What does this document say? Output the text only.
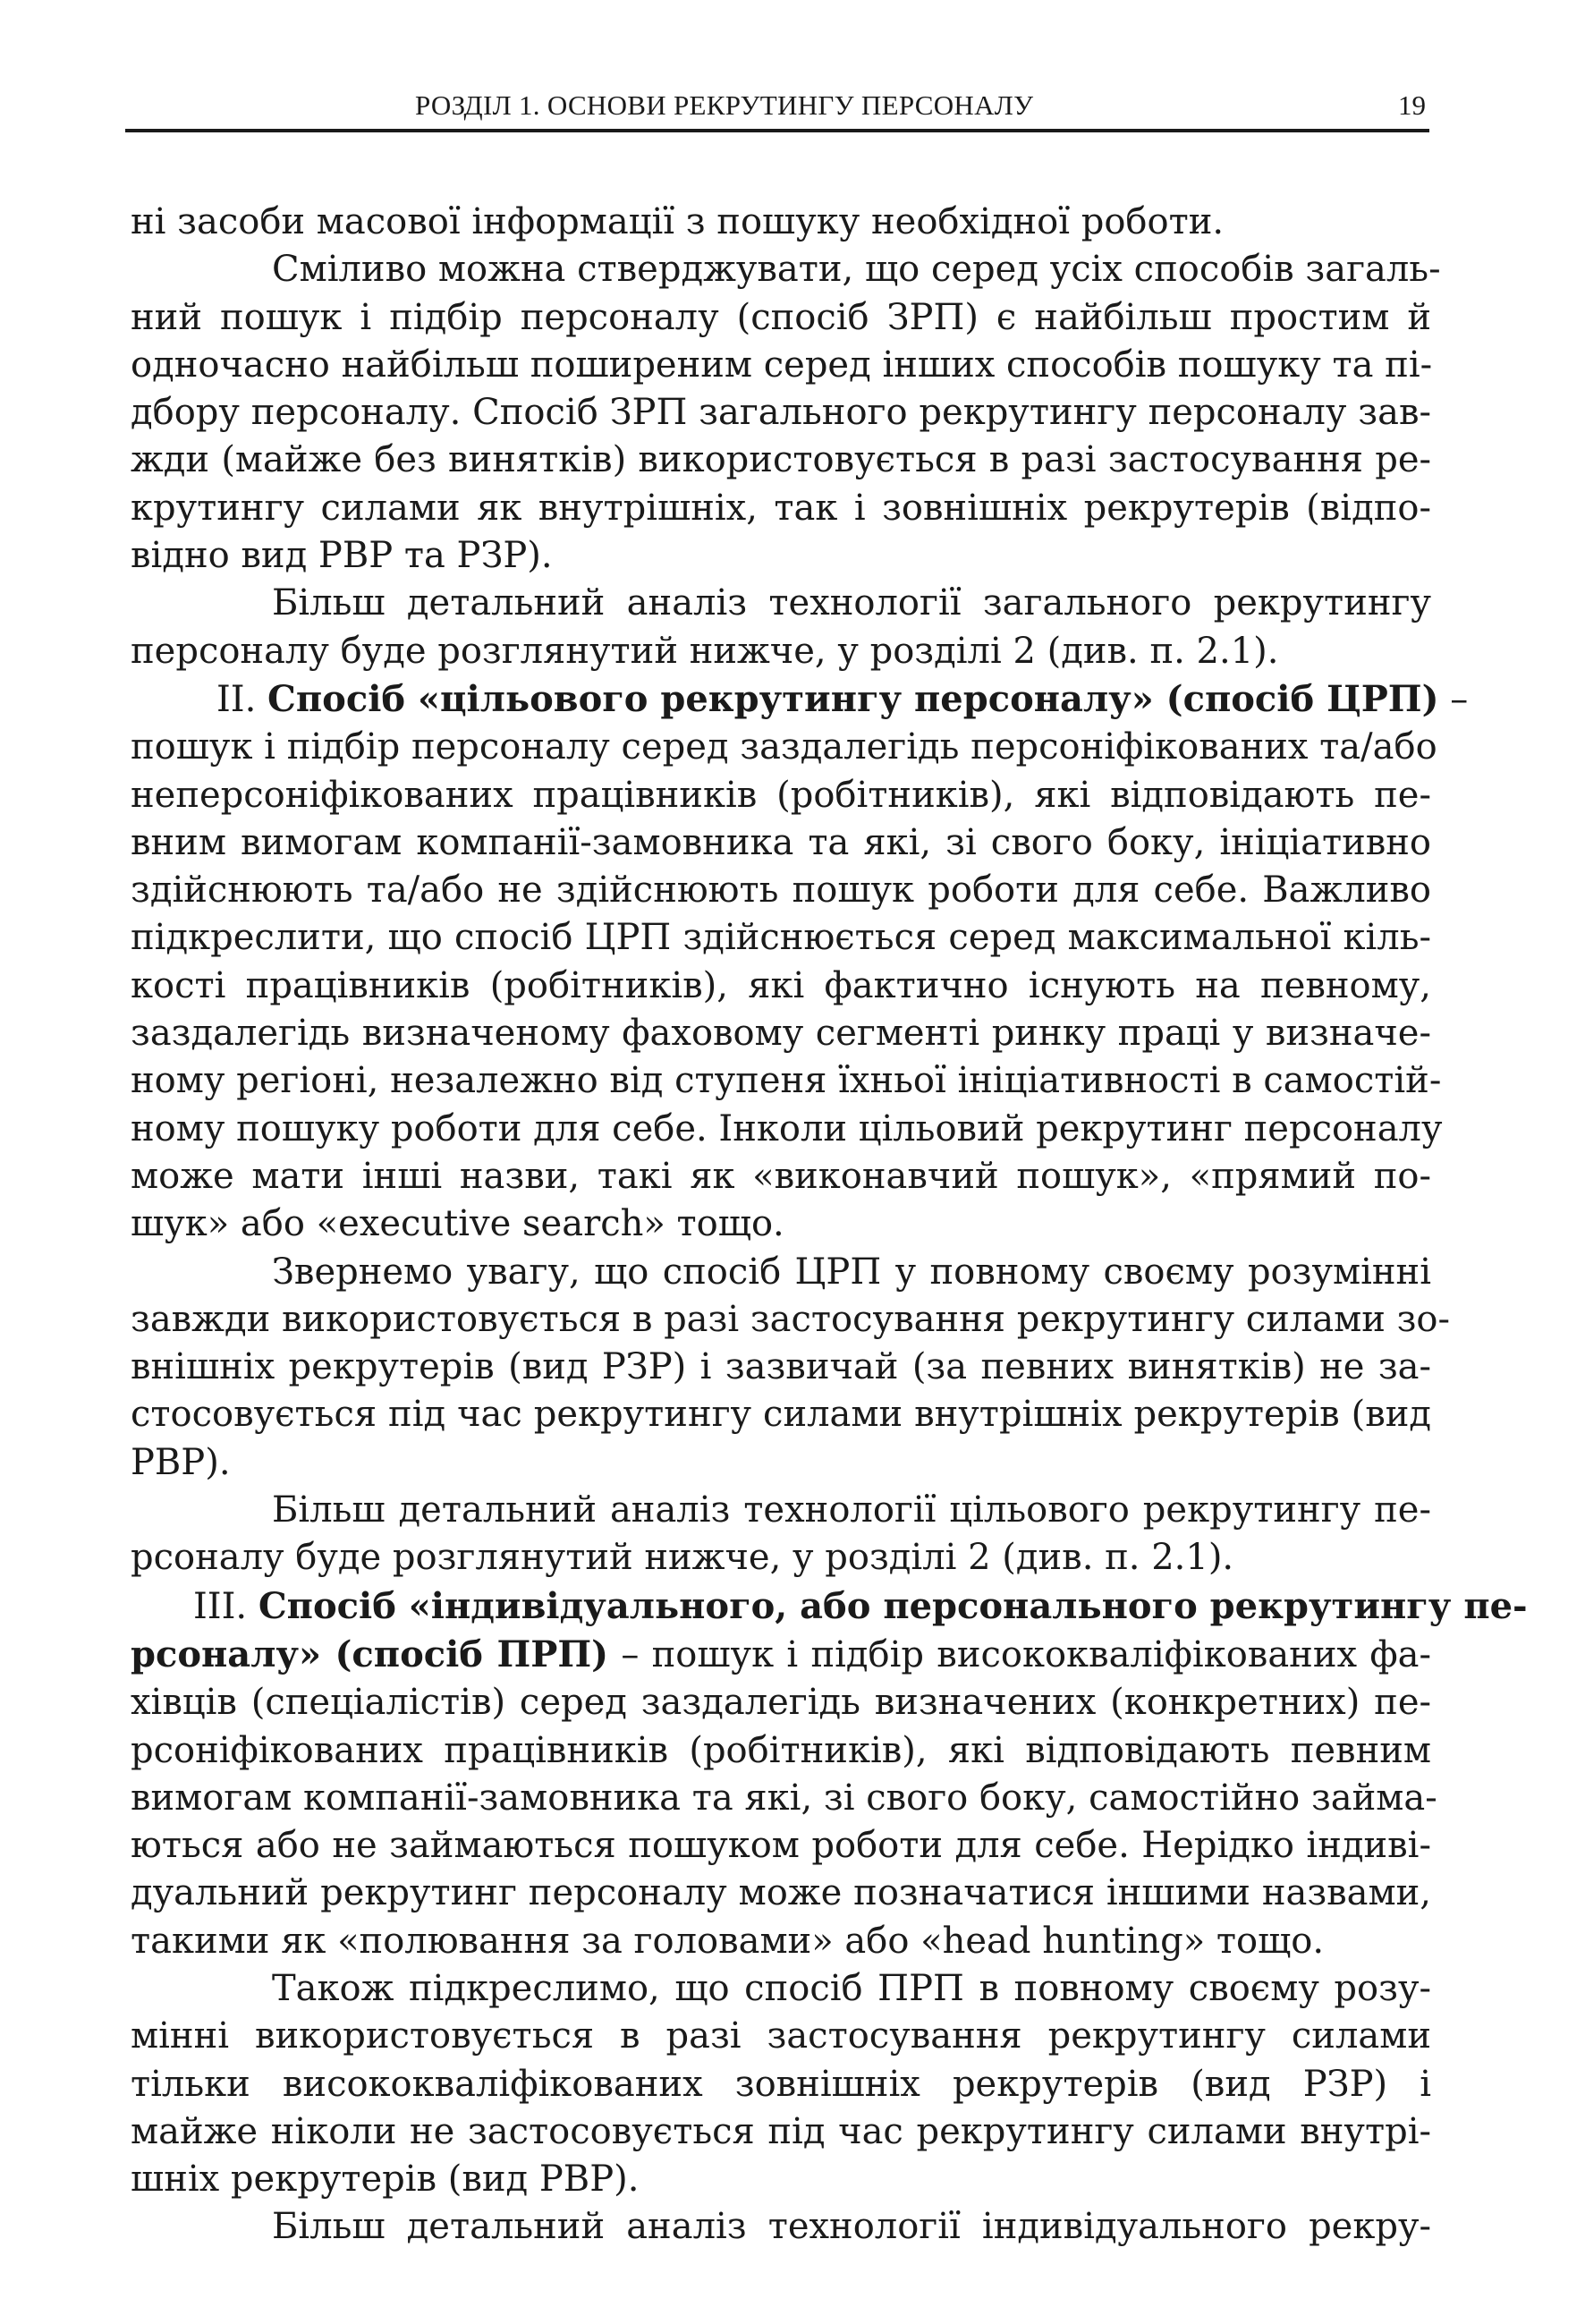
РОЗДІЛ 1. ОСНОВИ РЕКРУТИНГУ ПЕРСОНАЛУ	19
ні засоби масової інформації з пошуку необхідної роботи.
Сміливо можна стверджувати, що серед усіх способів загаль-
ний пошук і підбір персоналу (спосіб ЗРП) є найбільш простим й
одночасно найбільш поширеним серед інших способів пошуку та пі-
дбору персоналу. Спосіб ЗРП загального рекрутингу персоналу зав-
жди (майже без винятків) використовується в разі застосування ре-
крутингу силами як внутрішніх, так і зовнішніх рекрутерів (відпо-
відно вид РВР та РЗР).
Більш детальний аналіз технології загального рекрутингу
персоналу буде розглянутий нижче, у розділі 2 (див. п. 2.1).
II. Спосіб «цільового рекрутингу персоналу» (спосіб ЦРП) –
пошук і підбір персоналу серед заздалегідь персоніфікованих та/або
неперсоніфікованих працівників (робітників), які відповідають пе-
вним вимогам компанії-замовника та які, зі свого боку, ініціативно
здійснюють та/або не здійснюють пошук роботи для себе. Важливо
підкреслити, що спосіб ЦРП здійснюється серед максимальної кіль-
кості працівників (робітників), які фактично існують на певному,
заздалегідь визначеному фаховому сегменті ринку праці у визначе-
ному регіоні, незалежно від ступеня їхньої ініціативності в самостій-
ному пошуку роботи для себе. Інколи цільовий рекрутинг персоналу
може мати інші назви, такі як «виконавчий пошук», «прямий по-
шук» або «executive search» тощо.
Звернемо увагу, що спосіб ЦРП у повному своєму розумінні
завжди використовується в разі застосування рекрутингу силами зо-
внішніх рекрутерів (вид РЗР) і зазвичай (за певних винятків) не за-
стосовується під час рекрутингу силами внутрішніх рекрутерів (вид
РВР).
Більш детальний аналіз технології цільового рекрутингу пе-
рсоналу буде розглянутий нижче, у розділі 2 (див. п. 2.1).
III. Спосіб «індивідуального, або персонального рекрутингу пе-
рсоналу» (спосіб ПРП) – пошук і підбір висококваліфікованих фа-
хівців (спеціалістів) серед заздалегідь визначених (конкретних) пе-
рсоніфікованих працівників (робітників), які відповідають певним
вимогам компанії-замовника та які, зі свого боку, самостійно займа-
ються або не займаються пошуком роботи для себе. Нерідко індиві-
дуальний рекрутинг персоналу може позначатися іншими назвами,
такими як «полювання за головами» або «head hunting» тощо.
Також підкреслимо, що спосіб ПРП в повному своєму розу-
мінні використовується в разі застосування рекрутингу силами
тільки висококваліфікованих зовнішніх рекрутерів (вид РЗР) і
майже ніколи не застосовується під час рекрутингу силами внутрі-
шніх рекрутерів (вид РВР).
Більш детальний аналіз технології індивідуального рекру-
